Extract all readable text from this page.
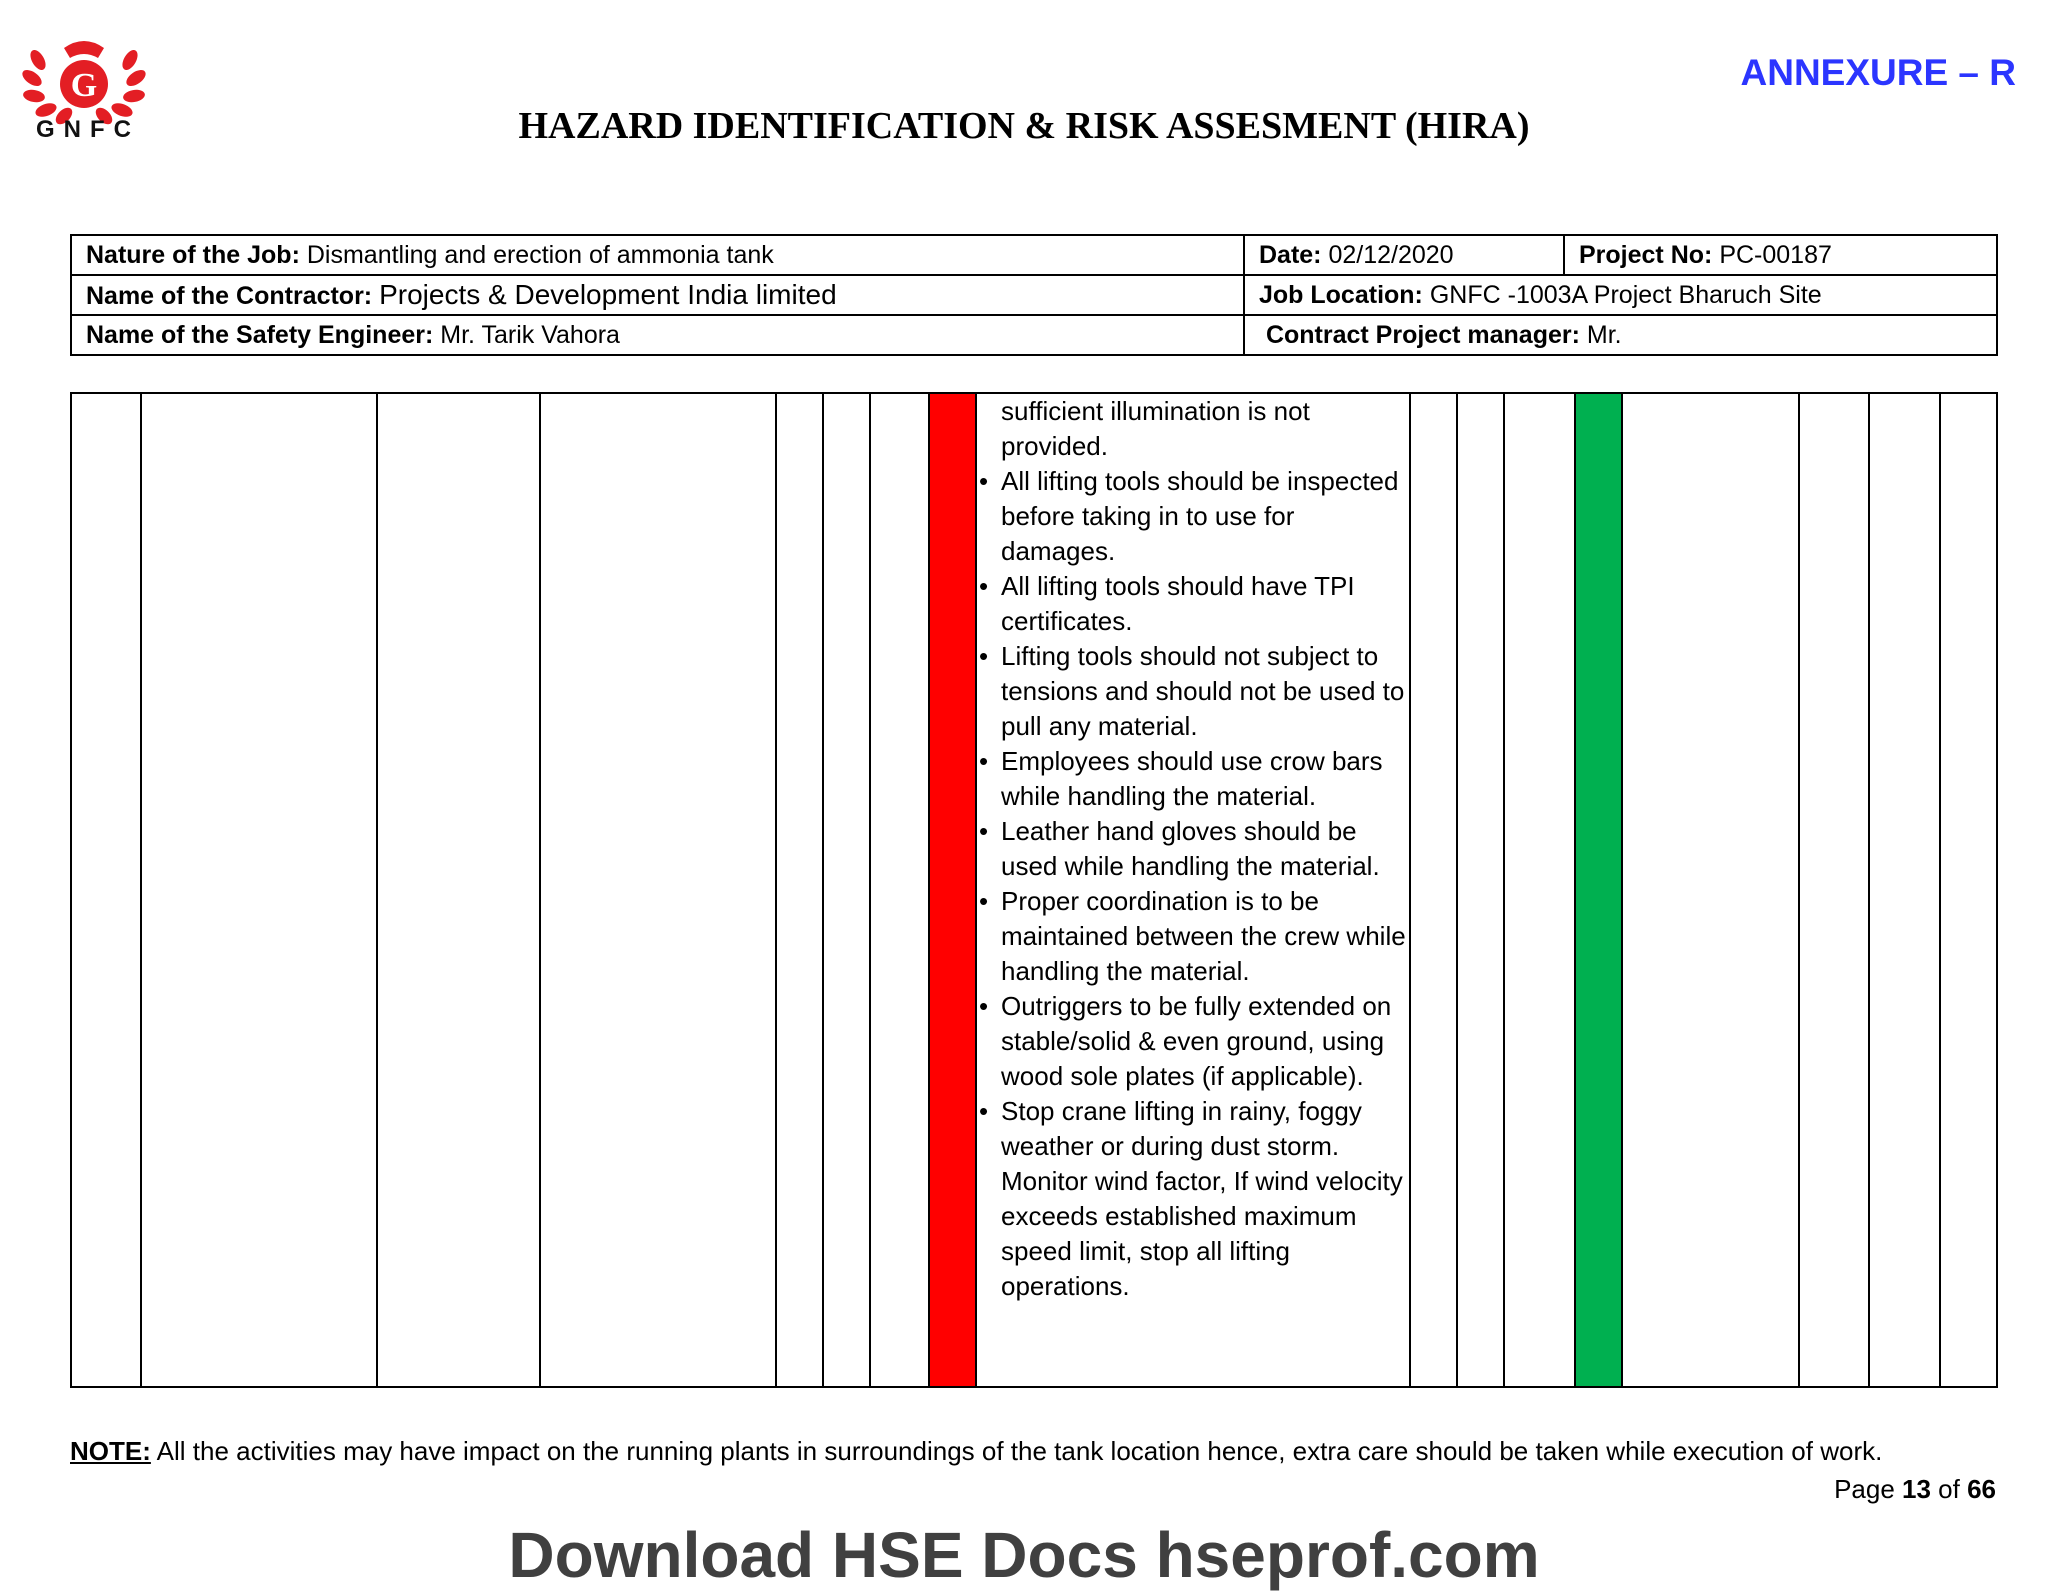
G
GNFC
ANNEXURE – R
HAZARD IDENTIFICATION & RISK ASSESMENT (HIRA)
Nature of the Job: Dismantling and erection of ammonia tank	Date: 02/12/2020	Project No: PC-00187
Name of the Contractor: Projects & Development India limited	Job Location: GNFC -1003A Project Bharuch Site	
Name of the Safety Engineer: Mr. Tarik Vahora	Contract Project manager: Mr.	

sufficient illumination is not provided.
• All lifting tools should be inspected before taking in to use for damages.
• All lifting tools should have TPI certificates.
• Lifting tools should not subject to tensions and should not be used to pull any material.
• Employees should use crow bars while handling the material.
• Leather hand gloves should be used while handling the material.
• Proper coordination is to be maintained between the crew while handling the material.
• Outriggers to be fully extended on stable/solid & even ground, using wood sole plates (if applicable).
• Stop crane lifting in rainy, foggy weather or during dust storm. Monitor wind factor, If wind velocity exceeds established maximum speed limit, stop all lifting operations.

NOTE: All the activities may have impact on the running plants in surroundings of the tank location hence, extra care should be taken while execution of work.
Page 13 of 66
Download HSE Docs hseprof.com
